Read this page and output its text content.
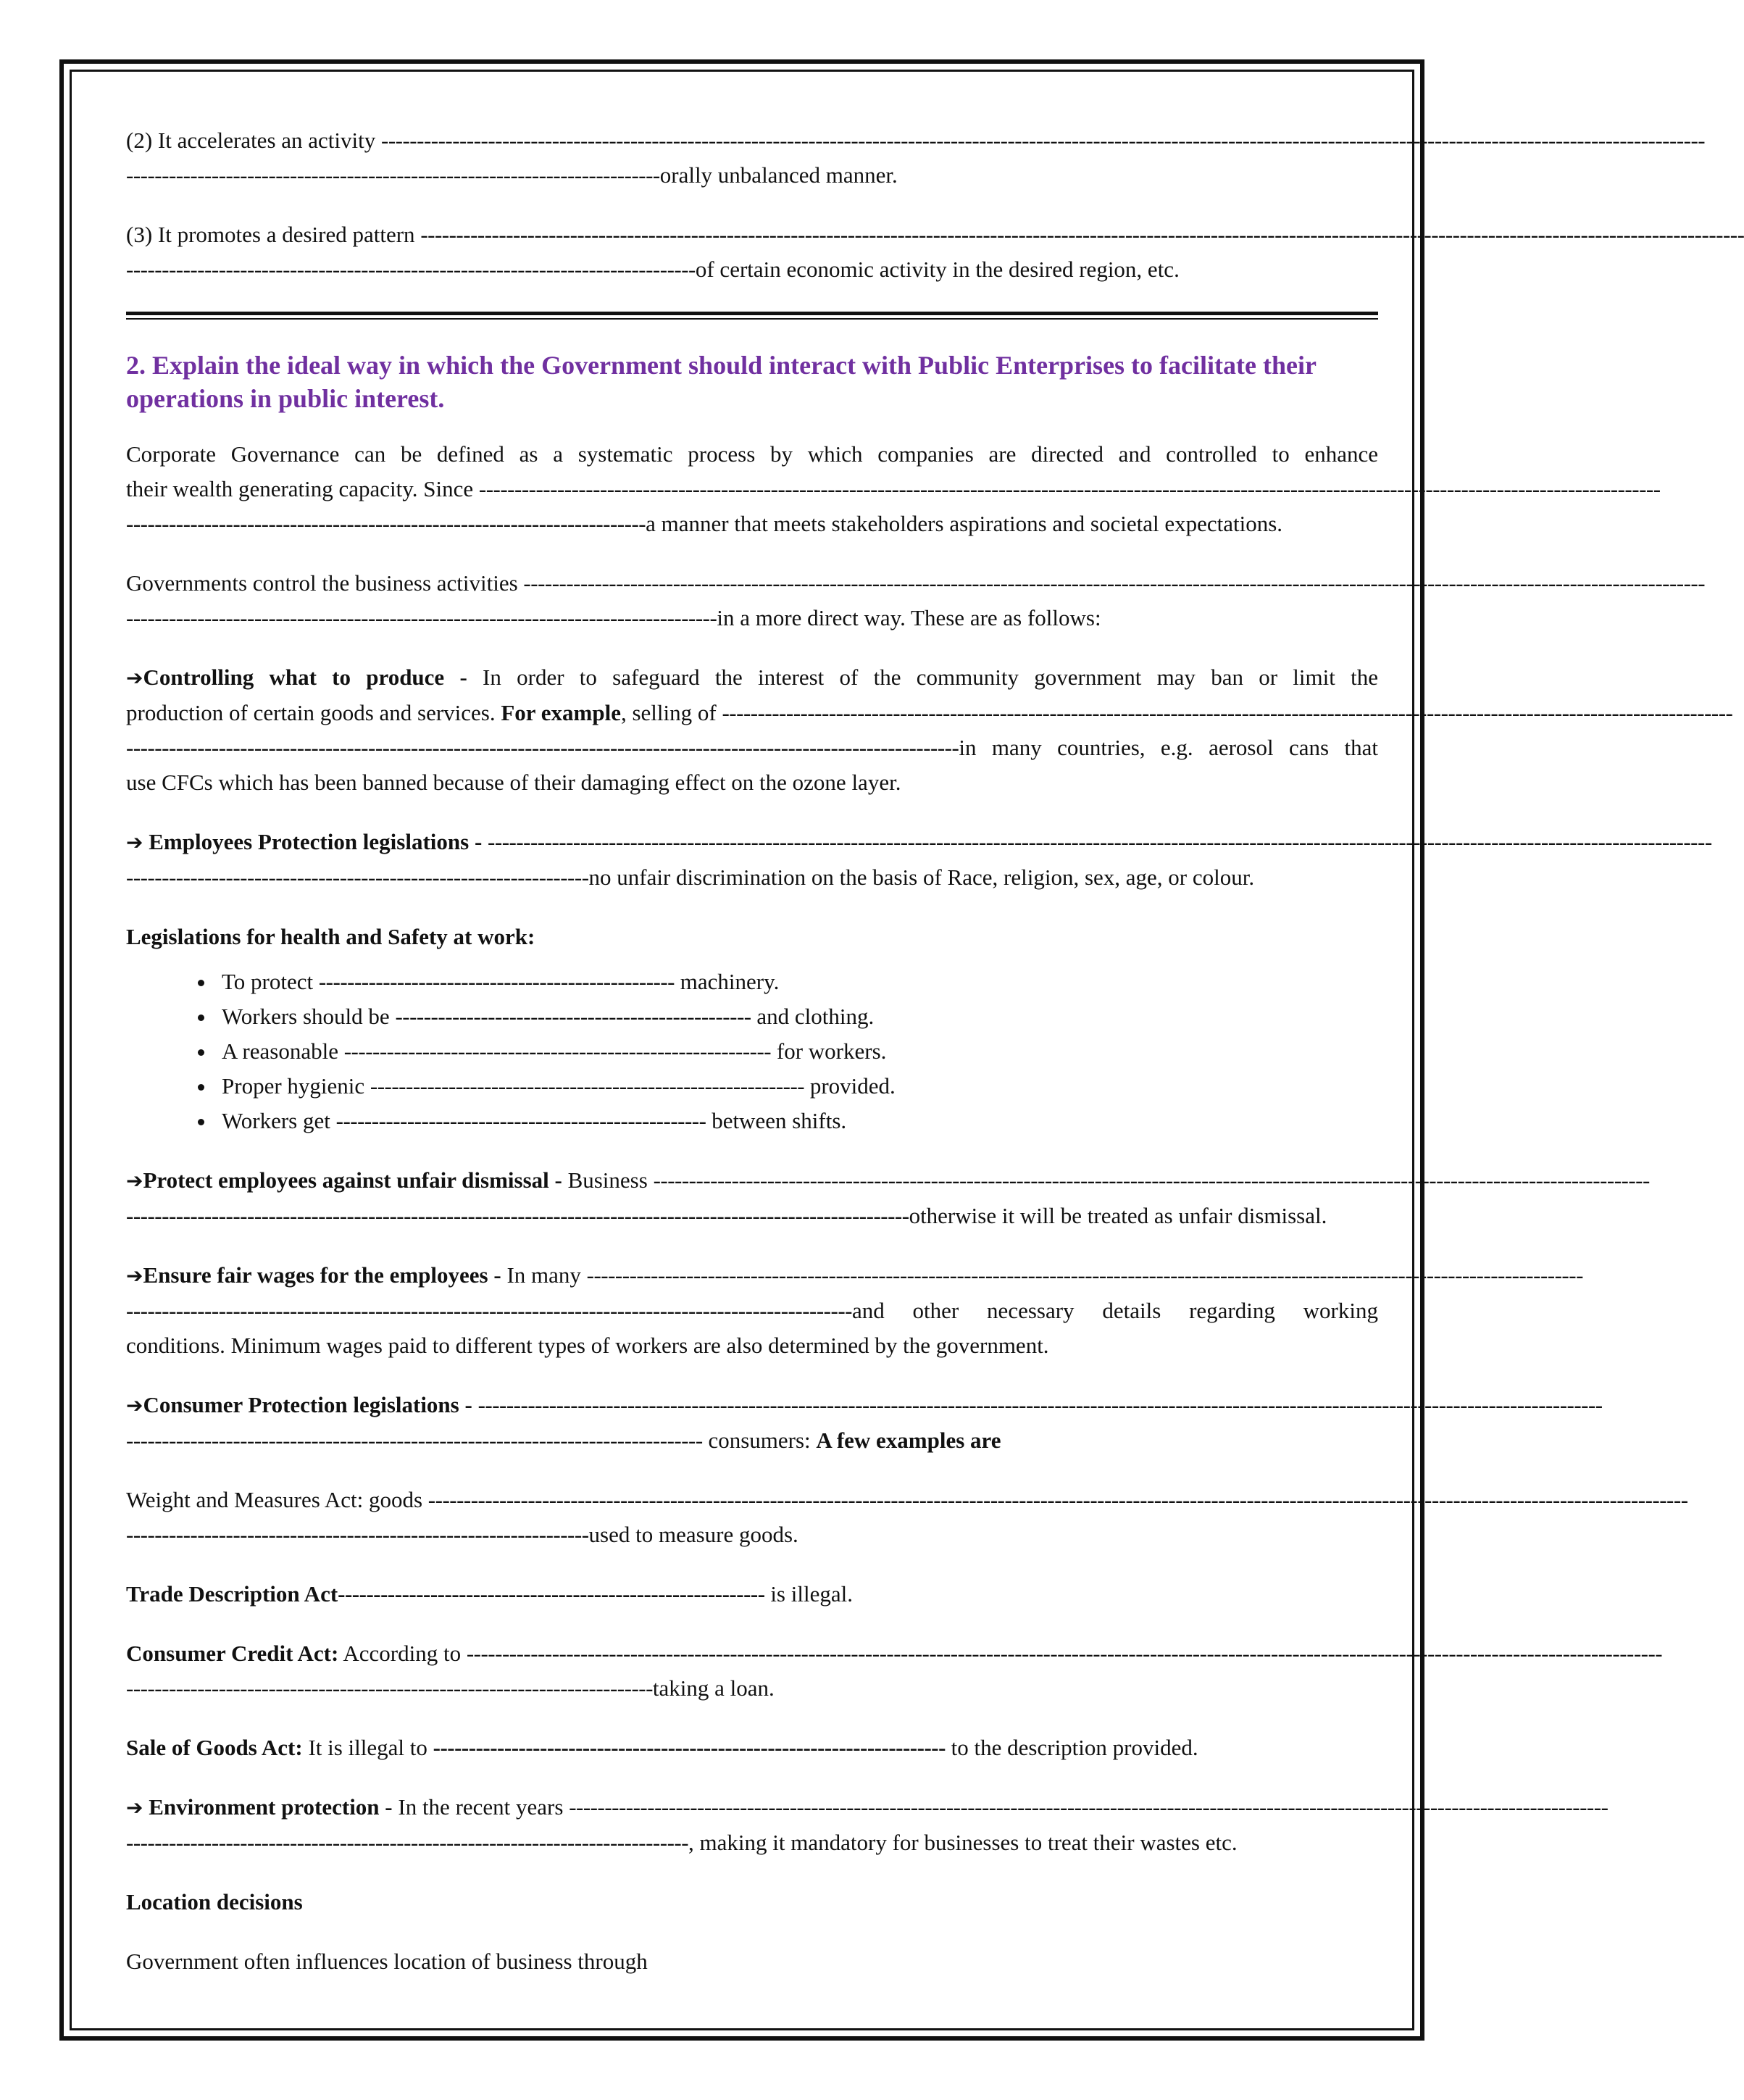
(2) It accelerates an activity ------------------------------------------------------------------------------------------------------------------------------------------------------------------------------------------
---------------------------------------------------------------------------orally unbalanced manner.

(3) It promotes a desired pattern ------------------------------------------------------------------------------------------------------------------------------------------------------------------------------------------
--------------------------------------------------------------------------------of certain economic activity in the desired region, etc.

2. Explain the ideal way in which the Government should interact with Public Enterprises to facilitate their operations in public interest.

Corporate Governance can be defined as a systematic process by which companies are directed and controlled to enhance
their wealth generating capacity. Since ----------------------------------------------------------------------------------------------------------------------------------------------------------------------
-------------------------------------------------------------------------a manner that meets stakeholders aspirations and societal expectations.

Governments control the business activities ----------------------------------------------------------------------------------------------------------------------------------------------------------------------
-----------------------------------------------------------------------------------in a more direct way. These are as follows:

➔Controlling what to produce - In order to safeguard the interest of the community government may ban or limit the
production of certain goods and services. For example, selling of ----------------------------------------------------------------------------------------------------------------------------------------------
---------------------------------------------------------------------------------------------------------------------in many countries, e.g. aerosol cans that
use CFCs which has been banned because of their damaging effect on the ozone layer.

➔ Employees Protection legislations - ----------------------------------------------------------------------------------------------------------------------------------------------------------------------------
-----------------------------------------------------------------no unfair discrimination on the basis of Race, religion, sex, age, or colour.

Legislations for health and Safety at work:

• To protect -------------------------------------------------- machinery.
• Workers should be -------------------------------------------------- and clothing.
• A reasonable ------------------------------------------------------------ for workers.
• Proper hygienic ------------------------------------------------------------- provided.
• Workers get ---------------------------------------------------- between shifts.

➔Protect employees against unfair dismissal - Business --------------------------------------------------------------------------------------------------------------------------------------------
--------------------------------------------------------------------------------------------------------------otherwise it will be treated as unfair dismissal.

➔Ensure fair wages for the employees - In many --------------------------------------------------------------------------------------------------------------------------------------------
------------------------------------------------------------------------------------------------------and other necessary details regarding working
conditions. Minimum wages paid to different types of workers are also determined by the government.

➔Consumer Protection legislations - --------------------------------------------------------------------------------------------------------------------------------------------------------------
--------------------------------------------------------------------------------- consumers: A few examples are

Weight and Measures Act: goods ---------------------------------------------------------------------------------------------------------------------------------------------------------------------------------
-----------------------------------------------------------------used to measure goods.

Trade Description Act------------------------------------------------------------ is illegal.

Consumer Credit Act: According to ------------------------------------------------------------------------------------------------------------------------------------------------------------------------
--------------------------------------------------------------------------taking a loan.

Sale of Goods Act: It is illegal to ------------------------------------------------------------------------ to the description provided.

➔ Environment protection - In the recent years --------------------------------------------------------------------------------------------------------------------------------------------------
-------------------------------------------------------------------------------, making it mandatory for businesses to treat their wastes etc.

Location decisions

Government often influences location of business through
